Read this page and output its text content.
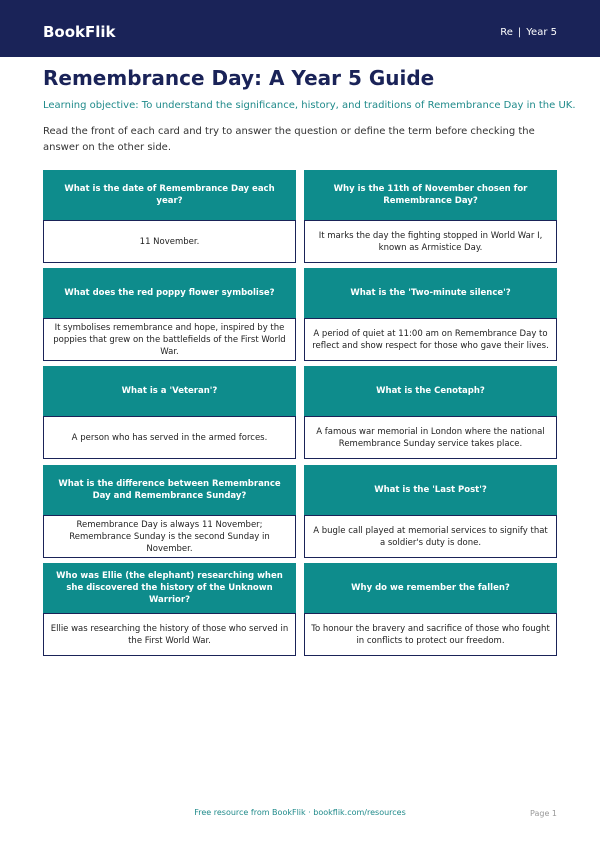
BookFlik	Re | Year 5
Remembrance Day: A Year 5 Guide

Learning objective: To understand the significance, history, and traditions of Remembrance Day in the UK.

Read the front of each card and try to answer the question or define the term before checking the answer on the other side.

What is the date of Remembrance Day each year?
11 November.
Why is the 11th of November chosen for Remembrance Day?
It marks the day the fighting stopped in World War I, known as Armistice Day.
What does the red poppy flower symbolise?
It symbolises remembrance and hope, inspired by the poppies that grew on the battlefields of the First World War.
What is the 'Two-minute silence'?
A period of quiet at 11:00 am on Remembrance Day to reflect and show respect for those who gave their lives.
What is a 'Veteran'?
A person who has served in the armed forces.
What is the Cenotaph?
A famous war memorial in London where the national Remembrance Sunday service takes place.
What is the difference between Remembrance Day and Remembrance Sunday?
Remembrance Day is always 11 November; Remembrance Sunday is the second Sunday in November.
What is the 'Last Post'?
A bugle call played at memorial services to signify that a soldier's duty is done.
Who was Ellie (the elephant) researching when she discovered the history of the Unknown Warrior?
Ellie was researching the history of those who served in the First World War.
Why do we remember the fallen?
To honour the bravery and sacrifice of those who fought in conflicts to protect our freedom.
Free resource from BookFlik · bookflik.com/resources	Page 1
